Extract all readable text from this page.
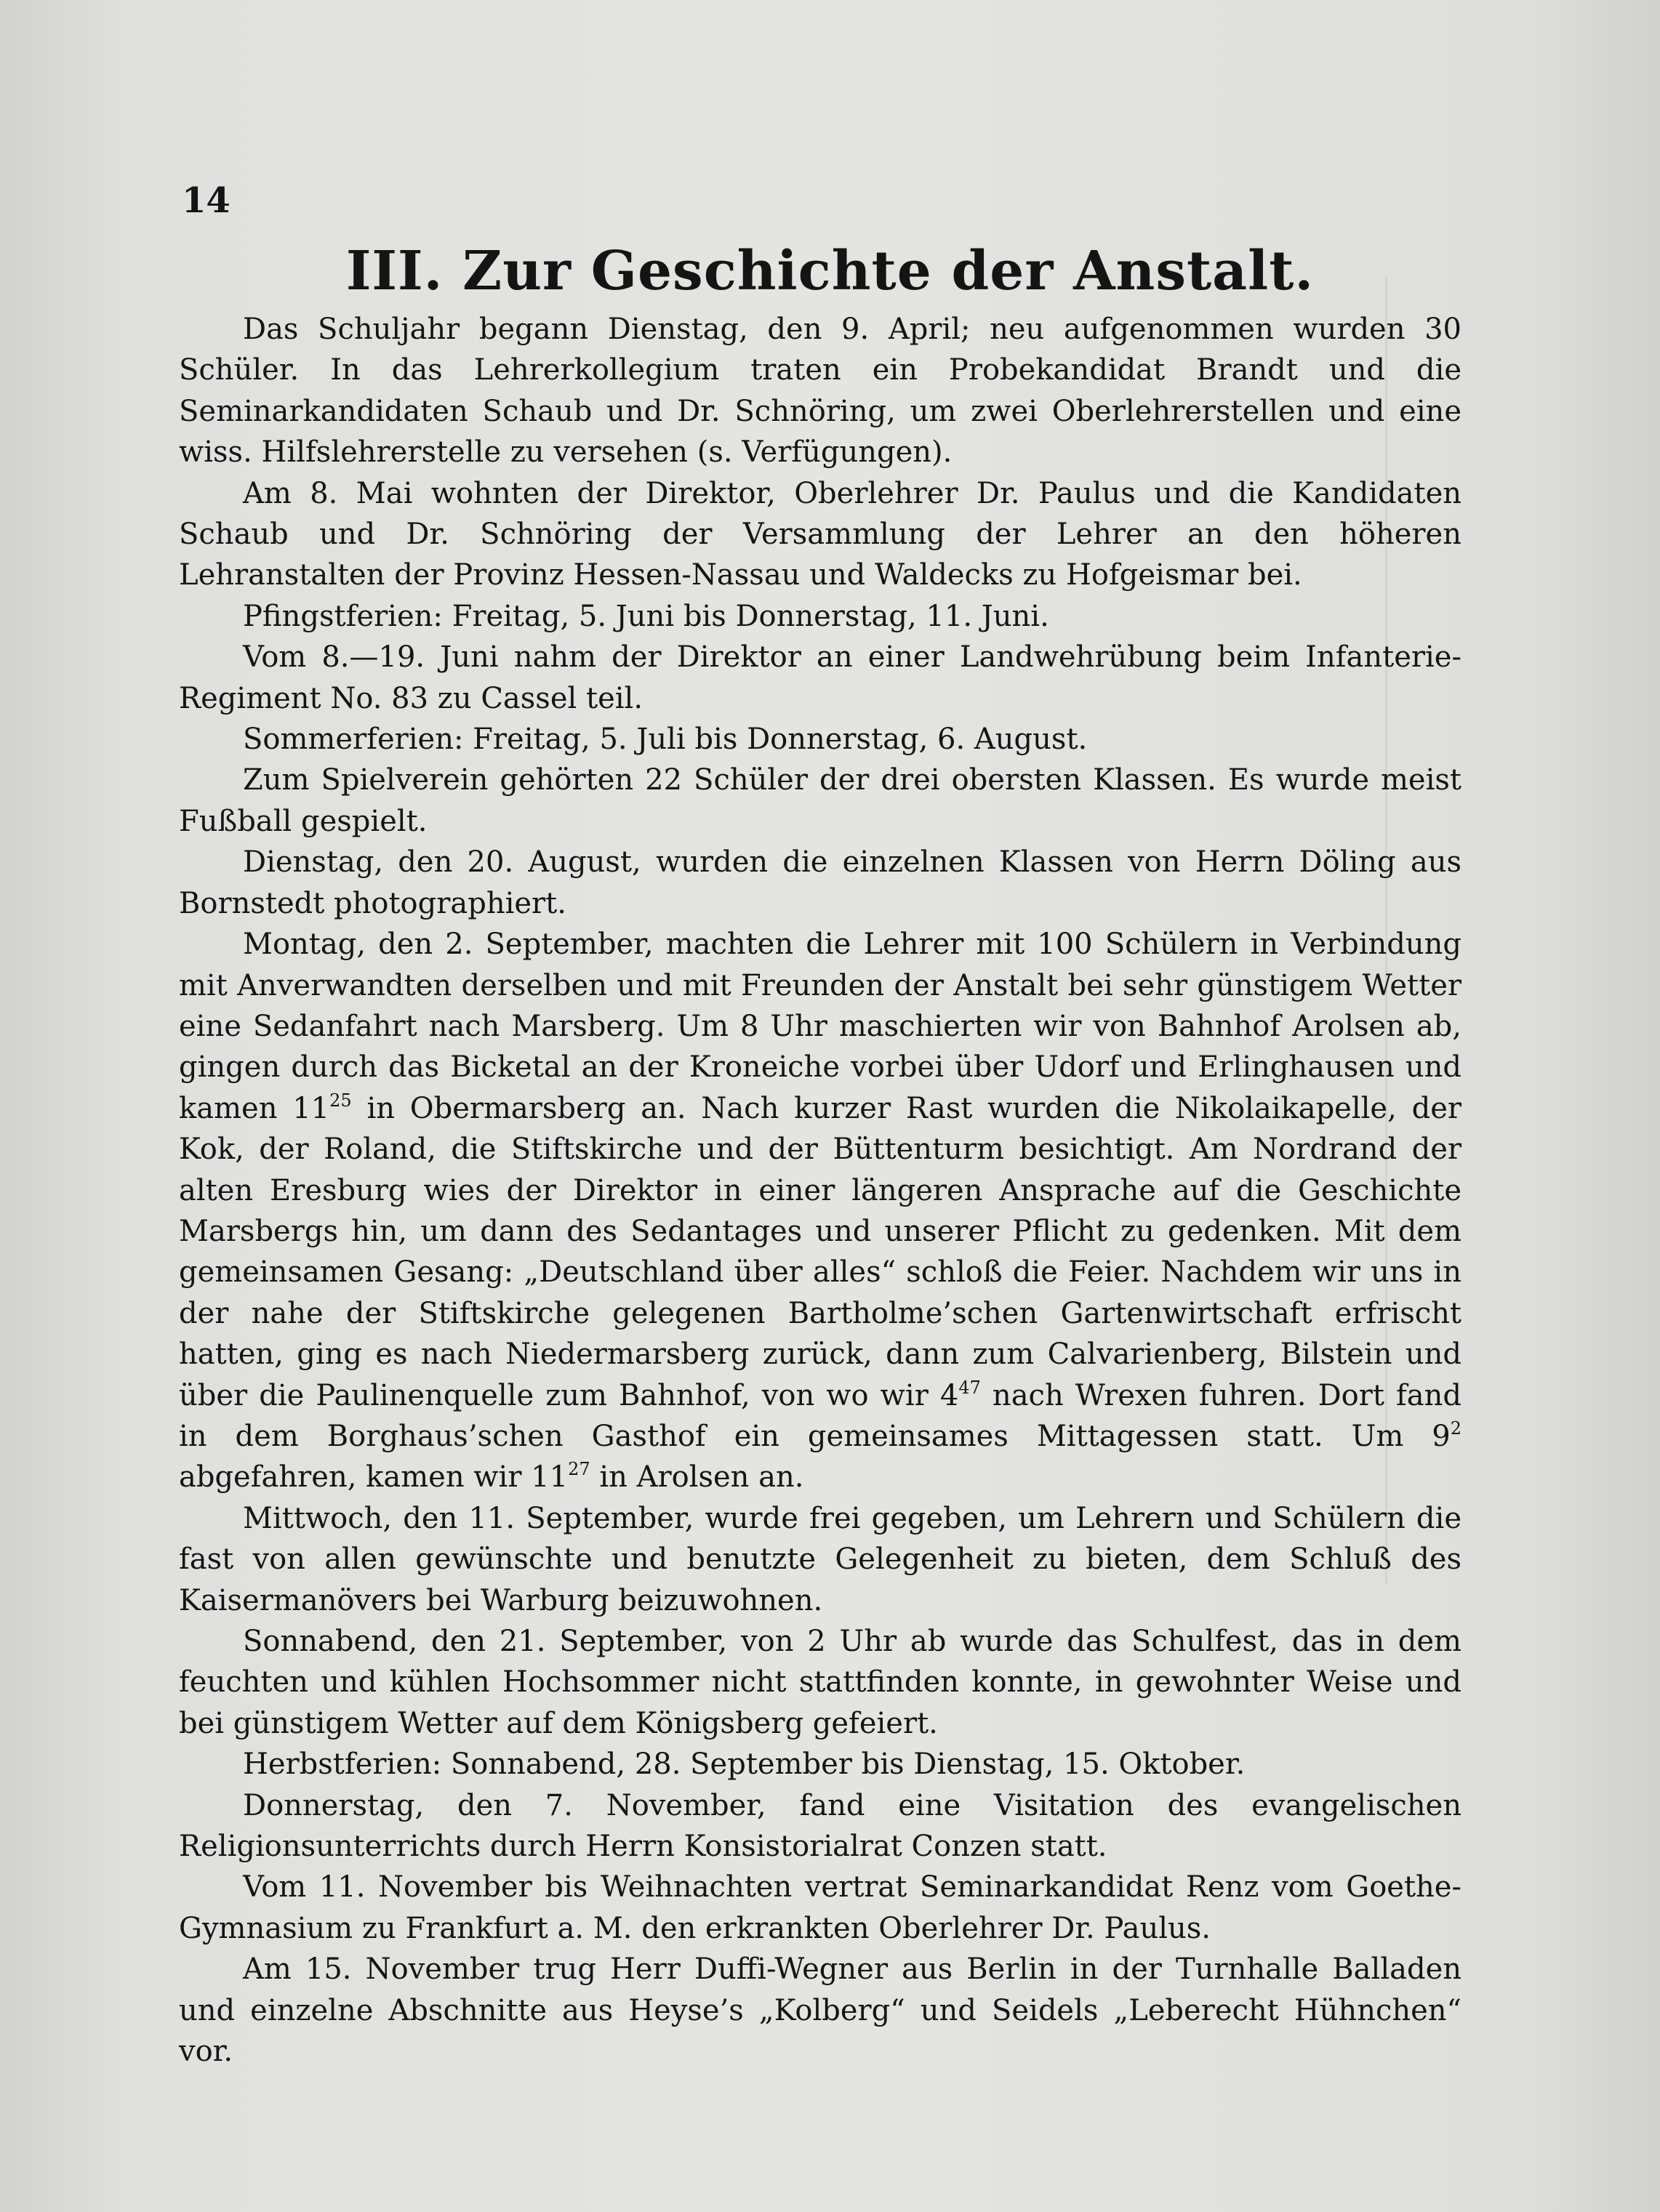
14
III. Zur Geschichte der Anstalt.

Das Schuljahr begann Dienstag, den 9. April; neu aufgenommen wurden 30 Schüler. In das Lehrerkollegium traten ein Probekandidat Brandt und die Seminarkandidaten Schaub und Dr. Schnöring, um zwei Oberlehrerstellen und eine wiss. Hilfslehrerstelle zu versehen (s. Verfügungen).

Am 8. Mai wohnten der Direktor, Oberlehrer Dr. Paulus und die Kandidaten Schaub und Dr. Schnöring der Versammlung der Lehrer an den höheren Lehranstalten der Provinz Hessen-Nassau und Waldecks zu Hofgeismar bei.

Pfingstferien: Freitag, 5. Juni bis Donnerstag, 11. Juni.

Vom 8.—19. Juni nahm der Direktor an einer Landwehrübung beim Infanterie-Regiment No. 83 zu Cassel teil.

Sommerferien: Freitag, 5. Juli bis Donnerstag, 6. August.

Zum Spielverein gehörten 22 Schüler der drei obersten Klassen. Es wurde meist Fußball gespielt.

Dienstag, den 20. August, wurden die einzelnen Klassen von Herrn Döling aus Bornstedt photographiert.

Montag, den 2. September, machten die Lehrer mit 100 Schülern in Verbindung mit Anverwandten derselben und mit Freunden der Anstalt bei sehr günstigem Wetter eine Sedanfahrt nach Marsberg. Um 8 Uhr maschierten wir von Bahnhof Arolsen ab, gingen durch das Bicketal an der Kroneiche vorbei über Udorf und Erlinghausen und kamen $11^{25}$ in Obermarsberg an. Nach kurzer Rast wurden die Nikolaikapelle, der Kok, der Roland, die Stiftskirche und der Büttenturm besichtigt. Am Nordrand der alten Eresburg wies der Direktor in einer längeren Ansprache auf die Geschichte Marsbergs hin, um dann des Sedantages und unserer Pflicht zu gedenken. Mit dem gemeinsamen Gesang: „Deutschland über alles“ schloß die Feier. Nachdem wir uns in der nahe der Stiftskirche gelegenen Bartholme’schen Gartenwirtschaft erfrischt hatten, ging es nach Niedermarsberg zurück, dann zum Calvarienberg, Bilstein und über die Paulinenquelle zum Bahnhof, von wo wir $4^{47}$ nach Wrexen fuhren. Dort fand in dem Borghaus’schen Gasthof ein gemeinsames Mittagessen statt. Um $9^2$ abgefahren, kamen wir $11^{27}$ in Arolsen an.

Mittwoch, den 11. September, wurde frei gegeben, um Lehrern und Schülern die fast von allen gewünschte und benutzte Gelegenheit zu bieten, dem Schluß des Kaisermanövers bei Warburg beizuwohnen.

Sonnabend, den 21. September, von 2 Uhr ab wurde das Schulfest, das in dem feuchten und kühlen Hochsommer nicht stattfinden konnte, in gewohnter Weise und bei günstigem Wetter auf dem Königsberg gefeiert.

Herbstferien: Sonnabend, 28. September bis Dienstag, 15. Oktober.

Donnerstag, den 7. November, fand eine Visitation des evangelischen Religionsunterrichts durch Herrn Konsistorialrat Conzen statt.

Vom 11. November bis Weihnachten vertrat Seminarkandidat Renz vom Goethe-Gymnasium zu Frankfurt a. M. den erkrankten Oberlehrer Dr. Paulus.

Am 15. November trug Herr Duffi-Wegner aus Berlin in der Turnhalle Balladen und einzelne Abschnitte aus Heyse’s „Kolberg“ und Seidels „Leberecht Hühnchen“ vor.
